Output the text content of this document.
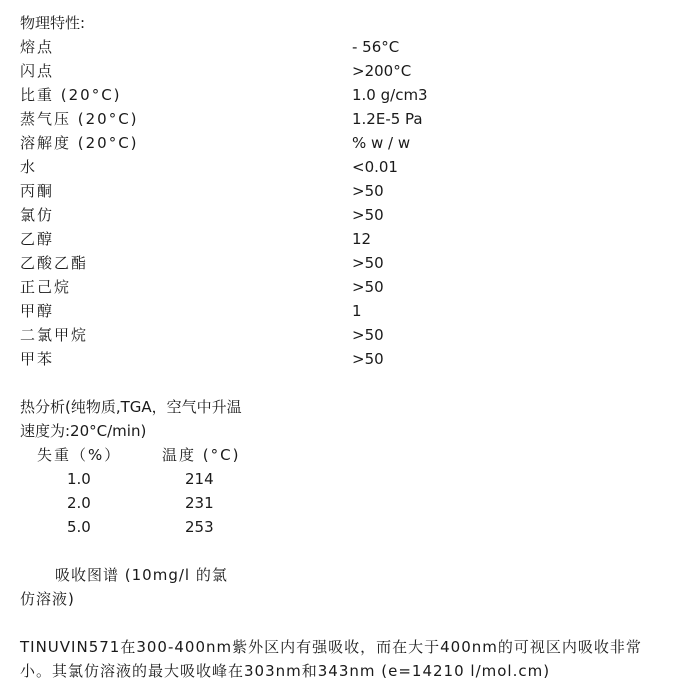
物理特性:
熔点	- 56°C
闪点	>200°C
比重 (20°C)	1.0 g/cm3
蒸气压 (20°C)	1.2E-5 Pa
溶解度 (20°C)	% w / w
水	<0.01
丙酮	>50
氯仿	>50
乙醇	12
乙酸乙酯	>50
正己烷	>50
甲醇	1
二氯甲烷	>50
甲苯	>50
热分析(纯物质,TGA，空气中升温
速度为:20°C/min)
失重（%）	温度 (°C)
1.0	214
2.0	231
5.0	253
吸收图谱 (10mg/l 的氯
仿溶液)
TINUVIN571在300-400nm紫外区内有强吸收，而在大于400nm的可视区内吸收非常小。其氯仿溶液的最大吸收峰在303nm和343nm (e=14210 l/mol.cm)
